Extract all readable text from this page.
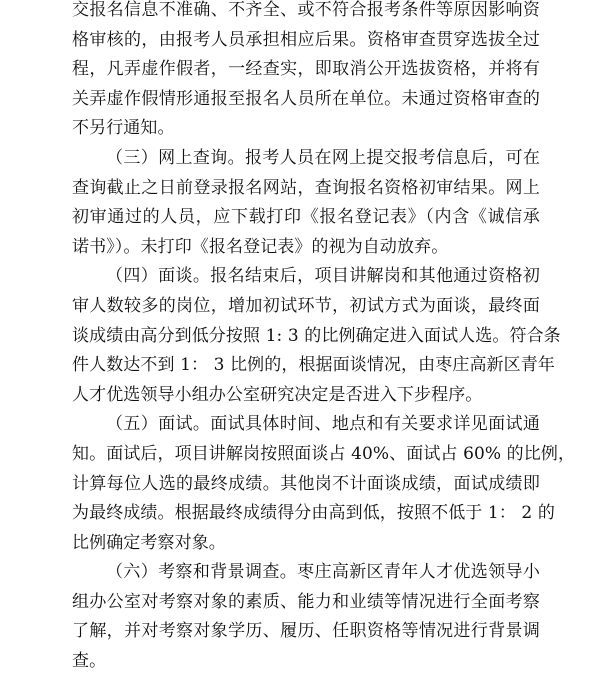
交报名信息不准确、不齐全、或不符合报考条件等原因影响资
格审核的，由报考人员承担相应后果。资格审查贯穿选拔全过
程，凡弄虚作假者，一经查实，即取消公开选拔资格，并将有
关弄虚作假情形通报至报名人员所在单位。未通过资格审查的
不另行通知。
（三）网上查询。报考人员在网上提交报考信息后，可在
查询截止之日前登录报名网站，查询报名资格初审结果。网上
初审通过的人员，应下载打印《报名登记表》（内含《诚信承
诺书》）。未打印《报名登记表》的视为自动放弃。
（四）面谈。报名结束后，项目讲解岗和其他通过资格初
审人数较多的岗位，增加初试环节，初试方式为面谈，最终面
谈成绩由高分到低分按照 1: 3 的比例确定进入面试人选。符合条
件人数达不到 1： 3 比例的，根据面谈情况，由枣庄高新区青年
人才优选领导小组办公室研究决定是否进入下步程序。
（五）面试。面试具体时间、地点和有关要求详见面试通
知。面试后，项目讲解岗按照面谈占 40%、面试占 60% 的比例，
计算每位人选的最终成绩。其他岗不计面谈成绩，面试成绩即
为最终成绩。根据最终成绩得分由高到低，按照不低于 1： 2 的
比例确定考察对象。
（六）考察和背景调查。枣庄高新区青年人才优选领导小
组办公室对考察对象的素质、能力和业绩等情况进行全面考察
了解，并对考察对象学历、履历、任职资格等情况进行背景调
查。
